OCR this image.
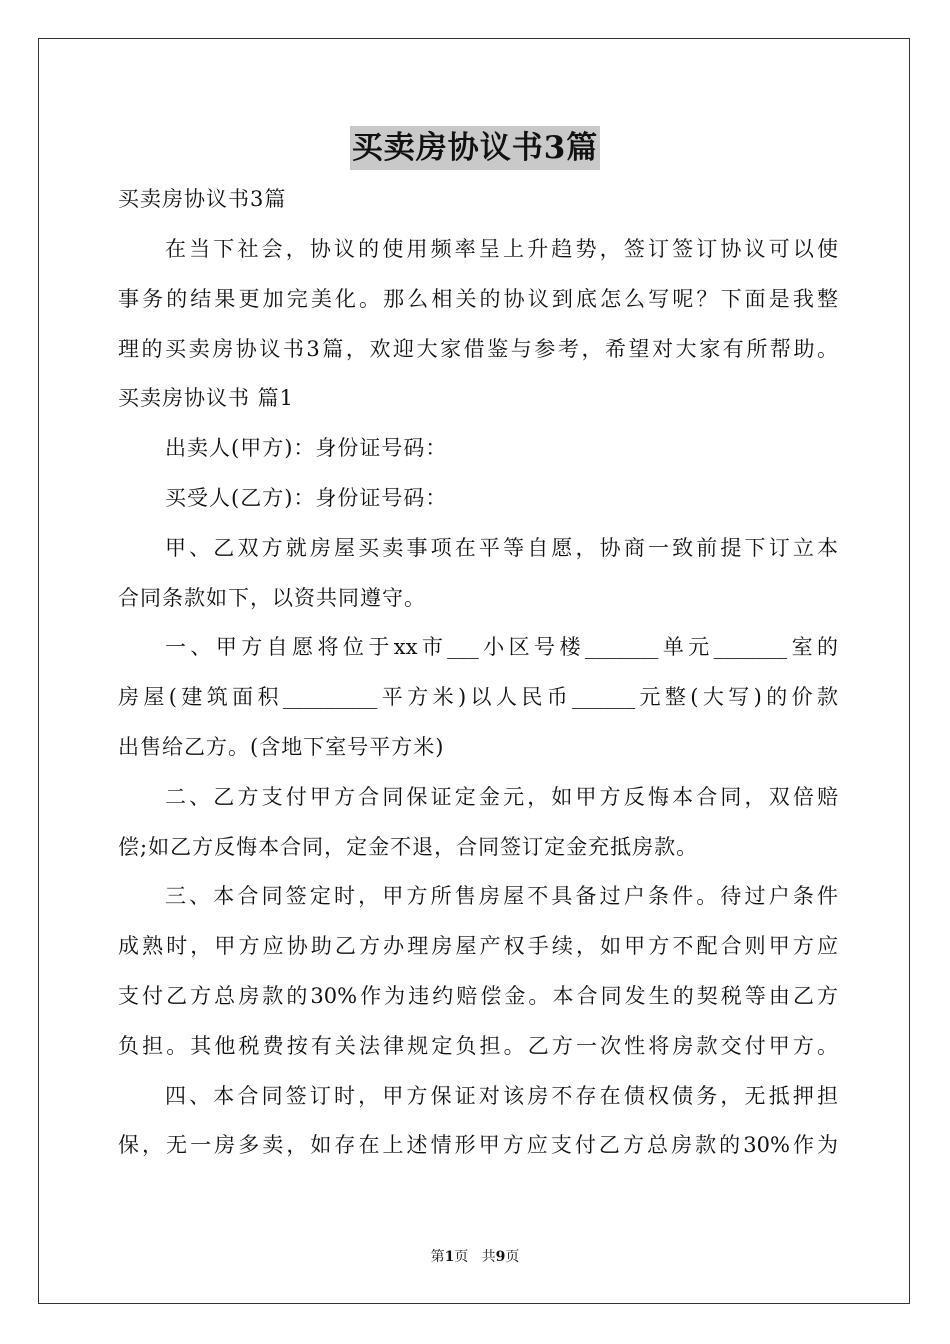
买卖房协议书3篇
买卖房协议书3篇
在当下社会，协议的使用频率呈上升趋势，签订签订协议可以使
事务的结果更加完美化。那么相关的协议到底怎么写呢？下面是我整
理的买卖房协议书3篇，欢迎大家借鉴与参考，希望对大家有所帮助。
买卖房协议书 篇1
出卖人(甲方)：身份证号码：
买受人(乙方)：身份证号码：
甲、乙双方就房屋买卖事项在平等自愿，协商一致前提下订立本
合同条款如下，以资共同遵守。
一、甲方自愿将位于xx市___小区号楼_______单元_______室的
房屋(建筑面积_________平方米)以人民币______元整(大写)的价款
出售给乙方。(含地下室号平方米)
二、乙方支付甲方合同保证定金元，如甲方反悔本合同，双倍赔
偿;如乙方反悔本合同，定金不退，合同签订定金充抵房款。
三、本合同签定时，甲方所售房屋不具备过户条件。待过户条件
成熟时，甲方应协助乙方办理房屋产权手续，如甲方不配合则甲方应
支付乙方总房款的30%作为违约赔偿金。本合同发生的契税等由乙方
负担。其他税费按有关法律规定负担。乙方一次性将房款交付甲方。
四、本合同签订时，甲方保证对该房不存在债权债务，无抵押担
保，无一房多卖，如存在上述情形甲方应支付乙方总房款的30%作为
第1页   共9页
